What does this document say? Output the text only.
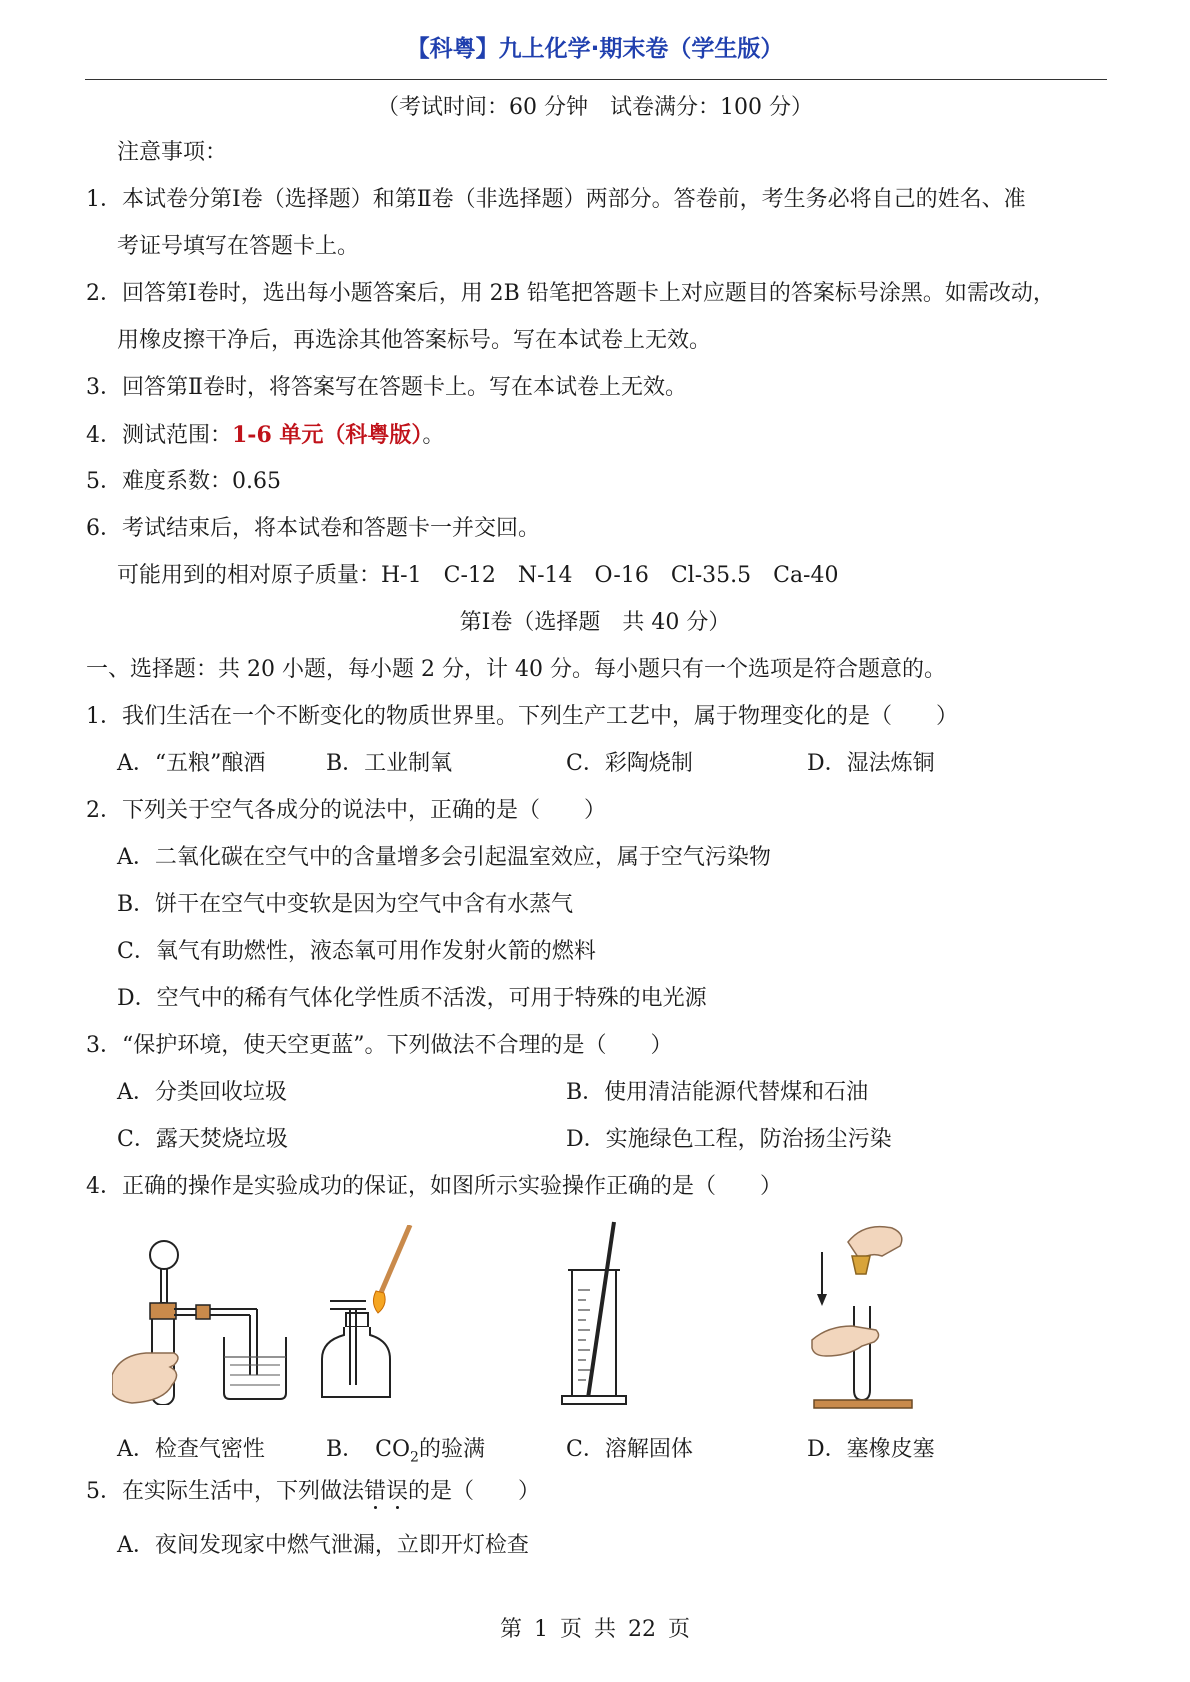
【科粤】九上化学·期末卷（学生版）
（考试时间：60 分钟　试卷满分：100 分）
注意事项：
1．本试卷分第Ⅰ卷（选择题）和第Ⅱ卷（非选择题）两部分。答卷前，考生务必将自己的姓名、准
考证号填写在答题卡上。
2．回答第Ⅰ卷时，选出每小题答案后，用 2B 铅笔把答题卡上对应题目的答案标号涂黑。如需改动，
用橡皮擦干净后，再选涂其他答案标号。写在本试卷上无效。
3．回答第Ⅱ卷时，将答案写在答题卡上。写在本试卷上无效。
4．测试范围：1-6 单元（科粤版）。
5．难度系数：0.65
6．考试结束后，将本试卷和答题卡一并交回。
可能用到的相对原子质量：H-1　C-12　N-14　O-16　Cl-35.5　Ca-40
第Ⅰ卷（选择题　共 40 分）
一、选择题：共 20 小题，每小题 2 分，计 40 分。每小题只有一个选项是符合题意的。
1．我们生活在一个不断变化的物质世界里。下列生产工艺中，属于物理变化的是（　　）
A．“五粮”酿酒	B．工业制氧	C．彩陶烧制	D．湿法炼铜
2．下列关于空气各成分的说法中，正确的是（　　）
A．二氧化碳在空气中的含量增多会引起温室效应，属于空气污染物
B．饼干在空气中变软是因为空气中含有水蒸气
C．氧气有助燃性，液态氧可用作发射火箭的燃料
D．空气中的稀有气体化学性质不活泼，可用于特殊的电光源
3．“保护环境，使天空更蓝”。下列做法不合理的是（　　）
A．分类回收垃圾	B．使用清洁能源代替煤和石油
C．露天焚烧垃圾	D．实施绿色工程，防治扬尘污染
4．正确的操作是实验成功的保证，如图所示实验操作正确的是（　　）
A．检查气密性	B．　$CO_2$的验满	C．溶解固体	D．塞橡皮塞
5．在实际生活中，下列做法错误的是（　　）
A．夜间发现家中燃气泄漏，立即开灯检查
第 1 页 共 22 页
